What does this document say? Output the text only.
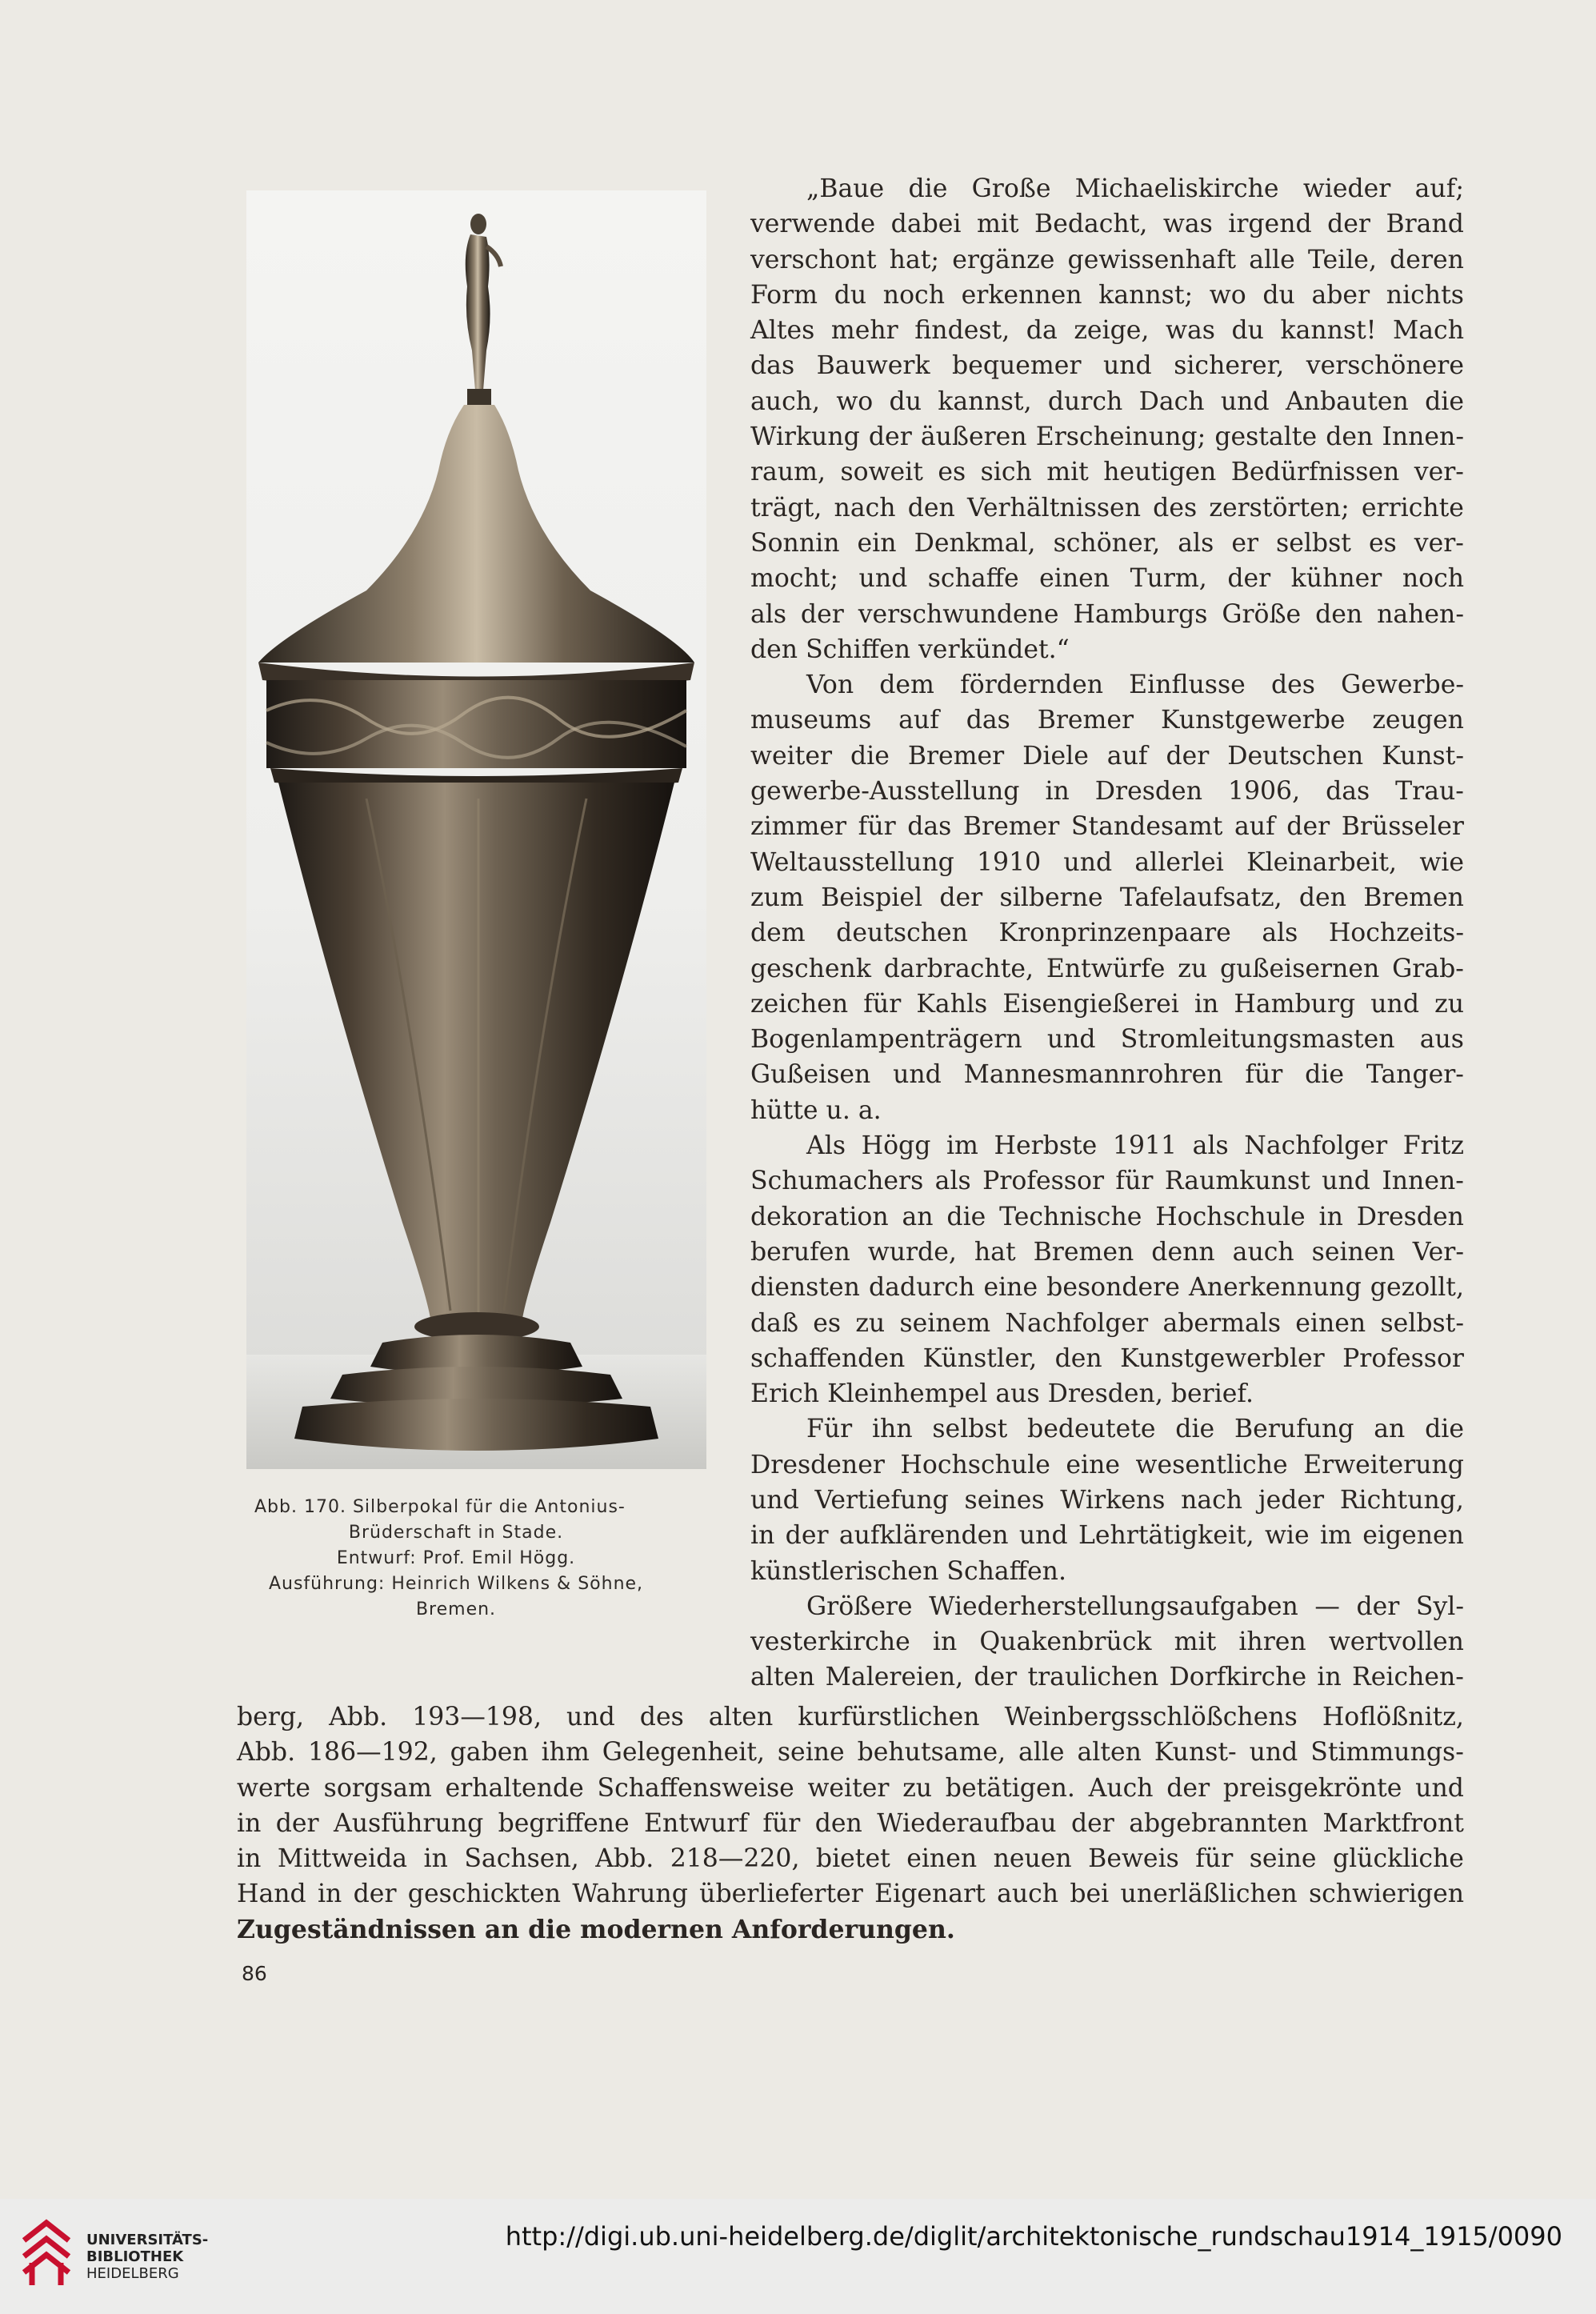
Abb. 170. Silberpokal für die Antonius-
Brüderschaft in Stade.
Entwurf: Prof. Emil Högg.
Ausführung: Heinrich Wilkens & Söhne,
Bremen.
„Baue die Große Michaeliskirche wieder auf;
verwende dabei mit Bedacht, was irgend der Brand
verschont hat; ergänze gewissenhaft alle Teile, deren
Form du noch erkennen kannst; wo du aber nichts
Altes mehr findest, da zeige, was du kannst! Mach
das Bauwerk bequemer und sicherer, verschönere
auch, wo du kannst, durch Dach und Anbauten die
Wirkung der äußeren Erscheinung; gestalte den Innen-
raum, soweit es sich mit heutigen Bedürfnissen ver-
trägt, nach den Verhältnissen des zerstörten; errichte
Sonnin ein Denkmal, schöner, als er selbst es ver-
mocht; und schaffe einen Turm, der kühner noch
als der verschwundene Hamburgs Größe den nahen-
den Schiffen verkündet.“
Von dem fördernden Einflusse des Gewerbe-
museums auf das Bremer Kunstgewerbe zeugen
weiter die Bremer Diele auf der Deutschen Kunst-
gewerbe-Ausstellung in Dresden 1906, das Trau-
zimmer für das Bremer Standesamt auf der Brüsseler
Weltausstellung 1910 und allerlei Kleinarbeit, wie
zum Beispiel der silberne Tafelaufsatz, den Bremen
dem deutschen Kronprinzenpaare als Hochzeits-
geschenk darbrachte, Entwürfe zu gußeisernen Grab-
zeichen für Kahls Eisengießerei in Hamburg und zu
Bogenlampenträgern und Stromleitungsmasten aus
Gußeisen und Mannesmannrohren für die Tanger-
hütte u. a.
Als Högg im Herbste 1911 als Nachfolger Fritz
Schumachers als Professor für Raumkunst und Innen-
dekoration an die Technische Hochschule in Dresden
berufen wurde, hat Bremen denn auch seinen Ver-
diensten dadurch eine besondere Anerkennung gezollt,
daß es zu seinem Nachfolger abermals einen selbst-
schaffenden Künstler, den Kunstgewerbler Professor
Erich Kleinhempel aus Dresden, berief.
Für ihn selbst bedeutete die Berufung an die
Dresdener Hochschule eine wesentliche Erweiterung
und Vertiefung seines Wirkens nach jeder Richtung,
in der aufklärenden und Lehrtätigkeit, wie im eigenen
künstlerischen Schaffen.
Größere Wiederherstellungsaufgaben — der Syl-
vesterkirche in Quakenbrück mit ihren wertvollen
alten Malereien, der traulichen Dorfkirche in Reichen-
berg, Abb. 193—198, und des alten kurfürstlichen Weinbergsschlößchens Hoflößnitz,
Abb. 186—192, gaben ihm Gelegenheit, seine behutsame, alle alten Kunst- und Stimmungs-
werte sorgsam erhaltende Schaffensweise weiter zu betätigen. Auch der preisgekrönte und
in der Ausführung begriffene Entwurf für den Wiederaufbau der abgebrannten Marktfront
in Mittweida in Sachsen, Abb. 218—220, bietet einen neuen Beweis für seine glückliche
Hand in der geschickten Wahrung überlieferter Eigenart auch bei unerläßlichen schwierigen
Zugeständnissen an die modernen Anforderungen.
86
UNIVERSITÄTS-
BIBLIOTHEK
HEIDELBERG
http://digi.ub.uni-heidelberg.de/diglit/architektonische_rundschau1914_1915/0090
